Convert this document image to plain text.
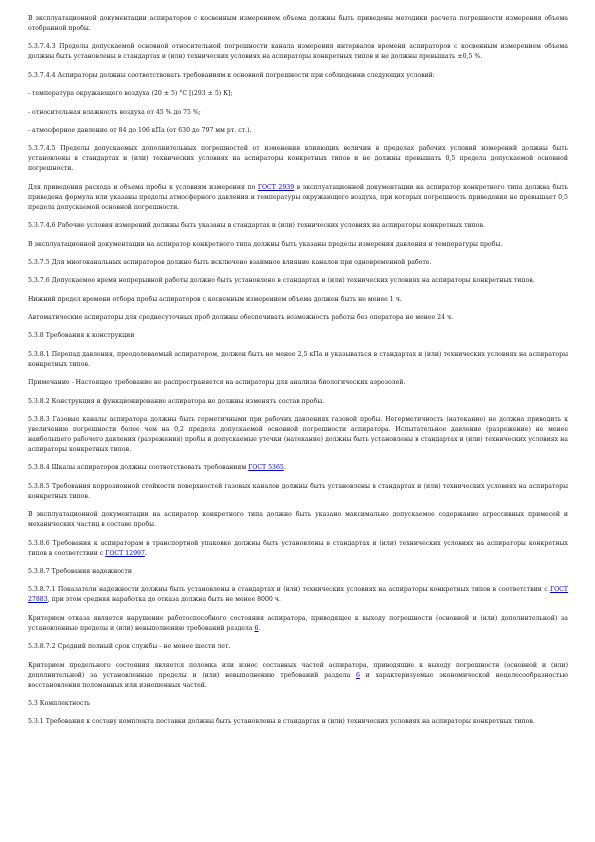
В эксплуатационной документации аспираторов с косвенным измерением объема должны быть приведены методики расчета погрешности измерения объема отобранной пробы.

5.3.7.4.3 Пределы допускаемой основной относительной погрешности канала измерения интервалов времени аспираторов с косвенным измерением объема должны быть установлены в стандартах и (или) технических условиях на аспираторы конкретных типов и не должны превышать ±0,5 %.

5.3.7.4.4 Аспираторы должны соответствовать требованиям к основной погрешности при соблюдении следующих условий:

- температура окружающего воздуха (20 ± 5) °С [(293 ± 5) К];

- относительная влажность воздуха от 45 % до 75 %;

- атмосферное давление от 84 до 106 кПа (от 630 до 797 мм рт. ст.).

5.3.7.4.5 Пределы допускаемых дополнительных погрешностей от изменения влияющих величин в пределах рабочих условий измерений должны быть установлены в стандартах и (или) технических условиях на аспираторы конкретных типов и не должны превышать 0,5 предела допускаемой основной погрешности.

Для приведения расхода и объема пробы к условиям измерения по ГОСТ 2939 в эксплуатационной документации на аспиратор конкретного типа должна быть приведена формула или указаны пределы атмосферного давления и температуры окружающего воздуха, при которых погрешность приведения не превышает 0,5 предела допускаемой основной погрешности.

5.3.7.4.6 Рабочие условия измерений должны быть указаны в стандартах и (или) технических условиях на аспираторы конкретных типов.

В эксплуатационной документации на аспиратор конкретного типа должны быть указаны пределы измерения давления и температуры пробы.

5.3.7.5 Для многоканальных аспираторов должно быть исключено взаимное влияние каналов при одновременной работе.

5.3.7.6 Допускаемое время непрерывной работы должно быть установлено в стандартах и (или) технических условиях на аспираторы конкретных типов.

Нижний предел времени отбора пробы аспираторов с косвенным измерением объема должен быть не менее 1 ч.

Автоматические аспираторы для среднесуточных проб должны обеспечивать возможность работы без оператора не менее 24 ч.

5.3.8 Требования к конструкции

5.3.8.1 Перепад давления, преодолеваемый аспиратором, должен быть не менее 2,5 кПа и указываться в стандартах и (или) технических условиях на аспираторы конкретных типов.

Примечание - Настоящее требование не распространяется на аспираторы для анализа биологических аэрозолей.

5.3.8.2 Конструкция и функционирование аспиратора не должны изменять состав пробы.

5.3.8.3 Газовые каналы аспиратора должны быть герметичными при рабочих давлениях газовой пробы. Негерметичность (натекание) не должна приводить к увеличению погрешности более чем на 0,2 предела допускаемой основной погрешности аспиратора. Испытательное давление (разрежение) не менее наибольшего рабочего давления (разрежения) пробы и допускаемые утечки (натекание) должны быть установлены в стандартах и (или) технических условиях на аспираторы конкретных типов.

5.3.8.4 Шкалы аспираторов должны соответствовать требованиям ГОСТ 5365.

5.3.8.5 Требования коррозионной стойкости поверхностей газовых каналов должны быть установлены в стандартах и (или) технических условиях на аспираторы конкретных типов.

В эксплуатационной документации на аспиратор конкретного типа должно быть указано максимально допускаемое содержание агрессивных примесей и механических частиц в составе пробы.

5.3.8.6 Требования к аспираторам в транспортной упаковке должны быть установлены в стандартах и (или) технических условиях на аспираторы конкретных типов в соответствии с ГОСТ 12997.

5.3.8.7 Требования надежности

5.3.8.7.1 Показатели надежности должны быть установлены в стандартах и (или) технических условиях на аспираторы конкретных типов в соответствии с ГОСТ 27883, при этом средняя наработка до отказа должна быть не менее 8000 ч.

Критерием отказа является нарушение работоспособного состояния аспиратора, приводящее к выходу погрешности (основной и (или) дополнительной) за установленные пределы и (или) невыполнению требований раздела 6.

5.3.8.7.2 Средний полный срок службы - не менее шести лет.

Критерием предельного состояния является поломка или износ составных частей аспиратора, приводящие к выходу погрешности (основной и (или) дополнительной) за установленные пределы и (или) невыполнению требований раздела 6 и характеризуемые экономической нецелесообразностью восстановления поломанных или изношенных частей.

5.3 Комплектность

5.3.1 Требования к составу комплекта поставки должны быть установлены в стандартах и (или) технических условиях на аспираторы конкретных типов.
